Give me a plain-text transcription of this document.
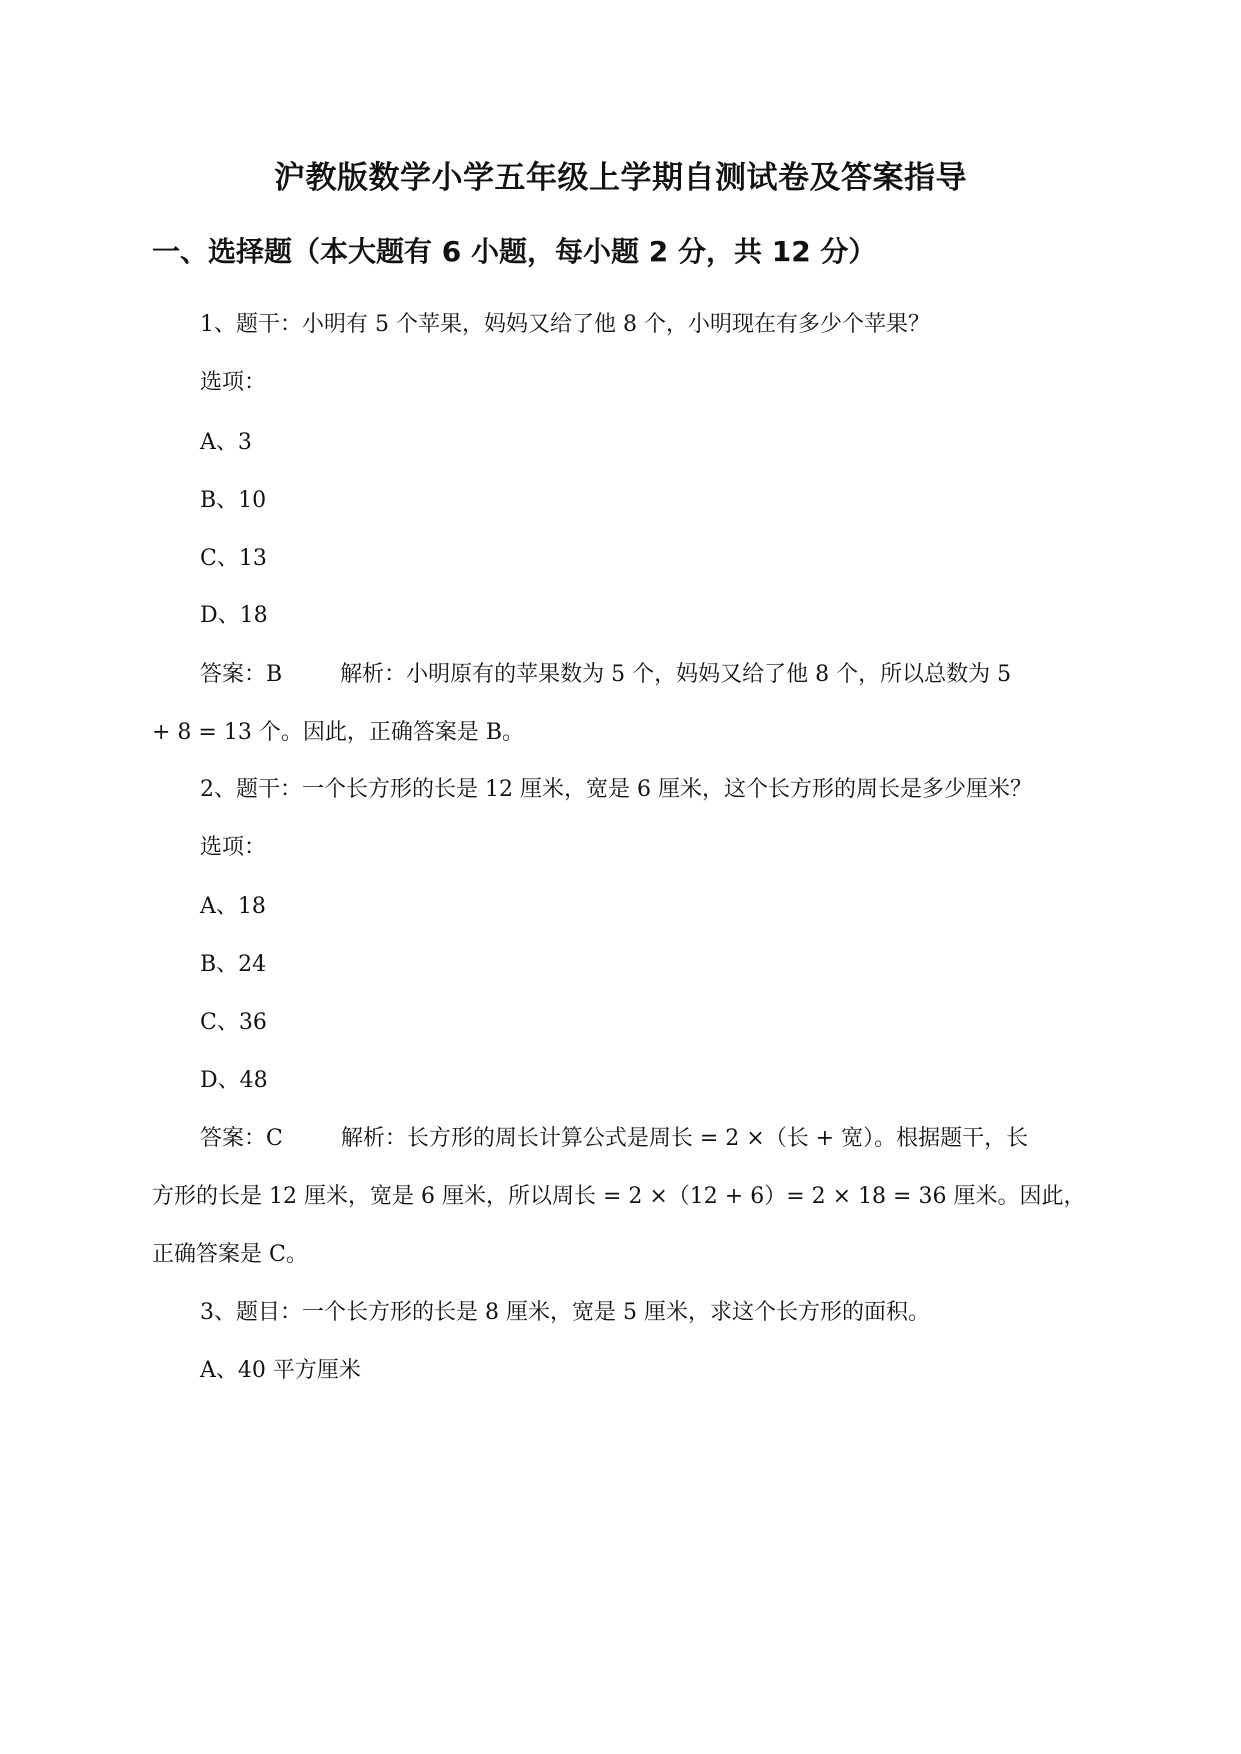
沪教版数学小学五年级上学期自测试卷及答案指导
一、选择题（本大题有 6 小题，每小题 2 分，共 12 分）

1、题干：小明有 5 个苹果，妈妈又给了他 8 个，小明现在有多少个苹果？

选项：

A、3

B、10

C、13

D、18

答案：B	解析：小明原有的苹果数为 5 个，妈妈又给了他 8 个，所以总数为 5

+ 8 = 13 个。因此，正确答案是 B。

2、题干：一个长方形的长是 12 厘米，宽是 6 厘米，这个长方形的周长是多少厘米？

选项：

A、18

B、24

C、36

D、48

答案：C	解析：长方形的周长计算公式是周长 = 2 ×（长 + 宽）。根据题干，长

方形的长是 12 厘米，宽是 6 厘米，所以周长 = 2 ×（12 + 6）= 2 × 18 = 36 厘米。因此，

正确答案是 C。

3、题目：一个长方形的长是 8 厘米，宽是 5 厘米，求这个长方形的面积。

A、40 平方厘米
